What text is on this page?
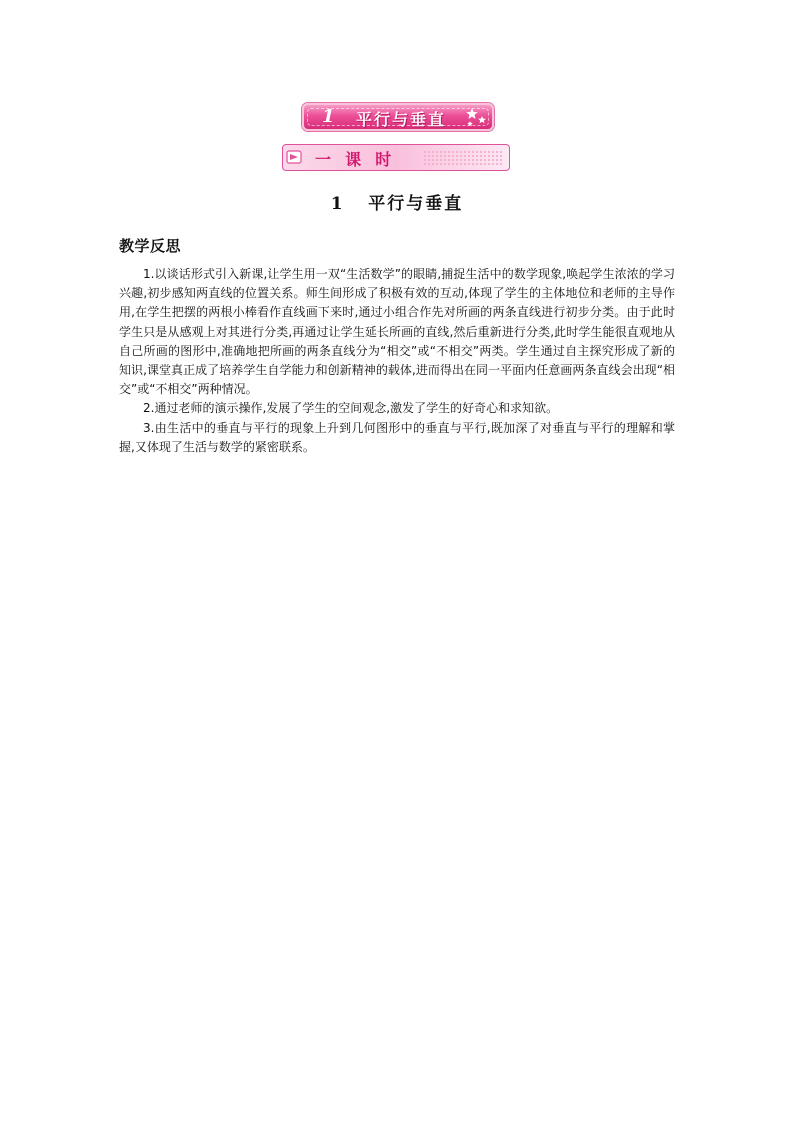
1 平行与垂直
一  课  时
1   平行与垂直
教学反思

1.以谈话形式引入新课,让学生用一双“生活数学”的眼睛,捕捉生活中的数学现象,唤起学生浓浓的学习兴趣,初步感知两直线的位置关系。师生间形成了积极有效的互动,体现了学生的主体地位和老师的主导作用,在学生把摆的两根小棒看作直线画下来时,通过小组合作先对所画的两条直线进行初步分类。由于此时学生只是从感观上对其进行分类,再通过让学生延长所画的直线,然后重新进行分类,此时学生能很直观地从自己所画的图形中,准确地把所画的两条直线分为“相交”或“不相交”两类。学生通过自主探究形成了新的知识,课堂真正成了培养学生自学能力和创新精神的载体,进而得出在同一平面内任意画两条直线会出现“相交”或“不相交”两种情况。

2.通过老师的演示操作,发展了学生的空间观念,激发了学生的好奇心和求知欲。

3.由生活中的垂直与平行的现象上升到几何图形中的垂直与平行,既加深了对垂直与平行的理解和掌握,又体现了生活与数学的紧密联系。
